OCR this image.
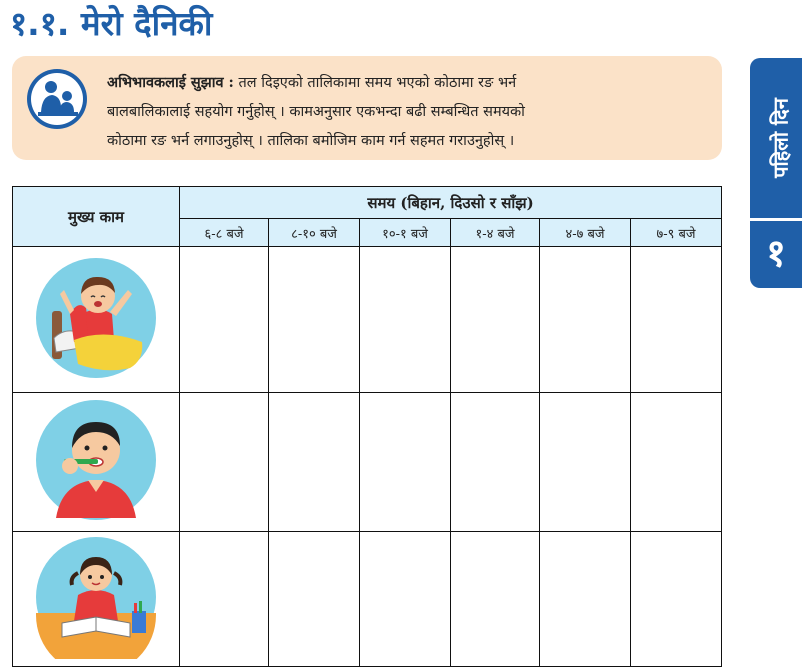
१.१. मेरो दैनिकी
अभिभावकलाई सुझाव : तल दिइएको तालिकामा समय भएको कोठामा रङ भर्न
बालबालिकालाई सहयोग गर्नुहोस् । कामअनुसार एकभन्दा बढी सम्बन्धित समयको
कोठामा रङ भर्न लगाउनुहोस् । तालिका बमोजिम काम गर्न सहमत गराउनुहोस् ।
मुख्य काम	समय (बिहान, दिउसो र साँझ)					
	६-८ बजे	८-१० बजे	१०-१ बजे	१-४ बजे	४-७ बजे	७-९ बजे

पहिलो दिन
१
